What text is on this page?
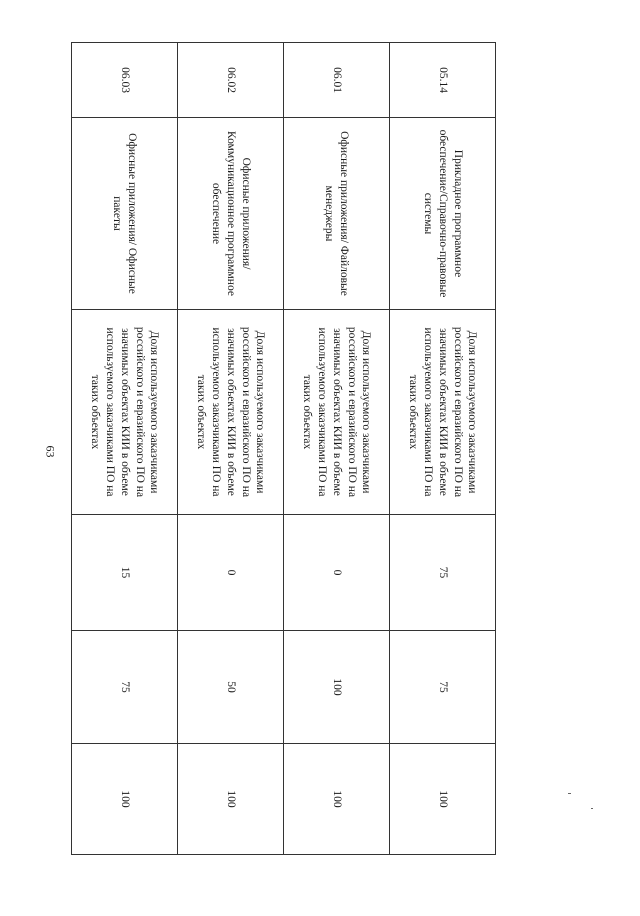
63
05.14	Прикладное программное обеспечение/Справочно-правовые системы	Доля используемого заказчиками российского и евразийского ПО на значимых объектах КИИ в объеме используемого заказчиками ПО на таких объектах	75	75	100
06.01	Офисные приложения/ Файловые менеджеры	Доля используемого заказчиками российского и евразийского ПО на значимых объектах КИИ в объеме используемого заказчиками ПО на таких объектах	0	100	100
06.02	Офисные приложения/ Коммуникационное программное обеспечение	Доля используемого заказчиками российского и евразийского ПО на значимых объектах КИИ в объеме используемого заказчиками ПО на таких объектах	0	50	100
06.03	Офисные приложения/ Офисные пакеты	Доля используемого заказчиками российского и евразийского ПО на значимых объектах КИИ в объеме используемого заказчиками ПО на таких объектах	15	75	100
